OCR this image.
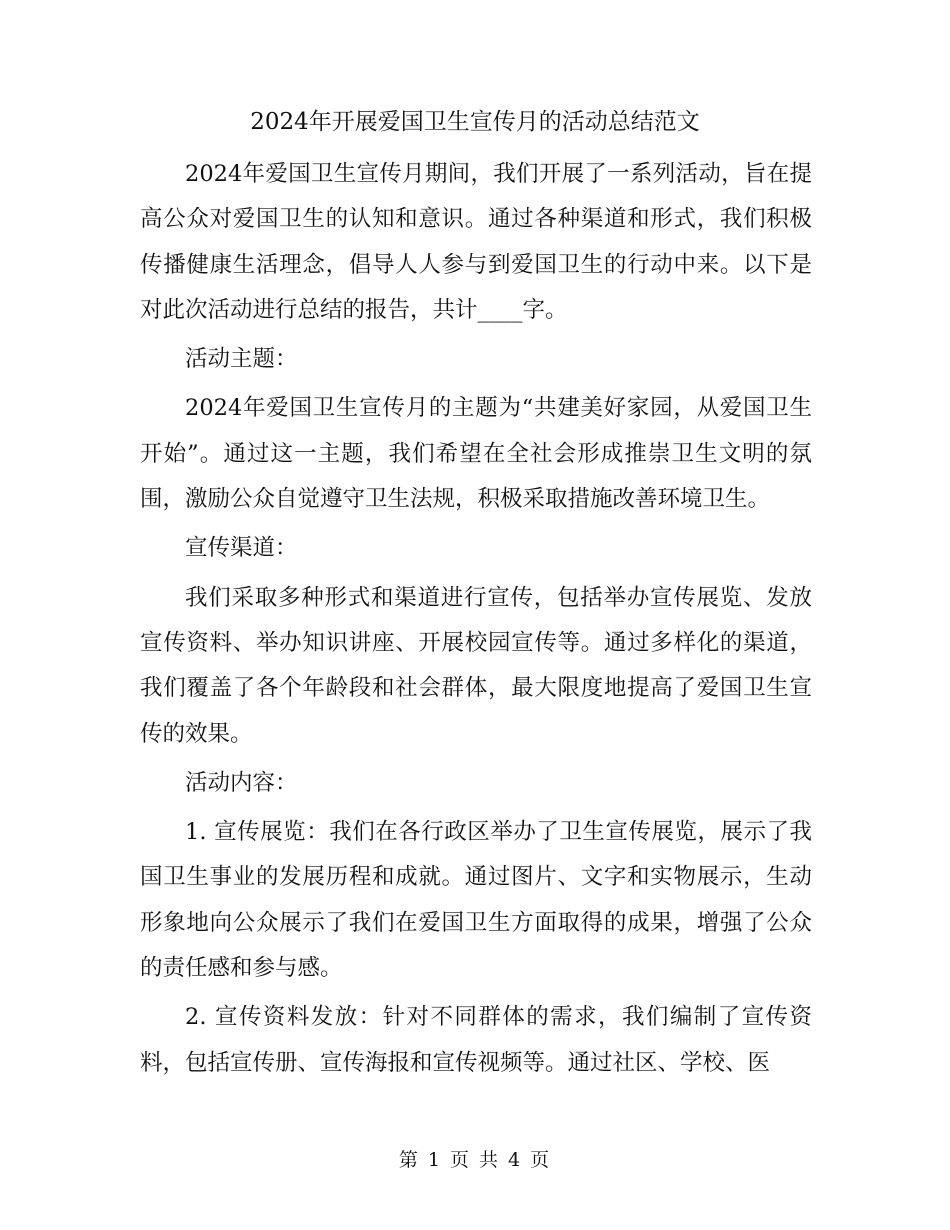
2024年开展爱国卫生宣传月的活动总结范文

2024年爱国卫生宣传月期间，我们开展了一系列活动，旨在提高公众对爱国卫生的认知和意识。通过各种渠道和形式，我们积极传播健康生活理念，倡导人人参与到爱国卫生的行动中来。以下是对此次活动进行总结的报告，共计____字。

活动主题：

2024年爱国卫生宣传月的主题为“共建美好家园，从爱国卫生开始”。通过这一主题，我们希望在全社会形成推崇卫生文明的氛围，激励公众自觉遵守卫生法规，积极采取措施改善环境卫生。

宣传渠道：

我们采取多种形式和渠道进行宣传，包括举办宣传展览、发放宣传资料、举办知识讲座、开展校园宣传等。通过多样化的渠道，我们覆盖了各个年龄段和社会群体，最大限度地提高了爱国卫生宣传的效果。

活动内容：

1. 宣传展览：我们在各行政区举办了卫生宣传展览，展示了我国卫生事业的发展历程和成就。通过图片、文字和实物展示，生动形象地向公众展示了我们在爱国卫生方面取得的成果，增强了公众的责任感和参与感。

2. 宣传资料发放：针对不同群体的需求，我们编制了宣传资料，包括宣传册、宣传海报和宣传视频等。通过社区、学校、医

第 1 页 共 4 页
